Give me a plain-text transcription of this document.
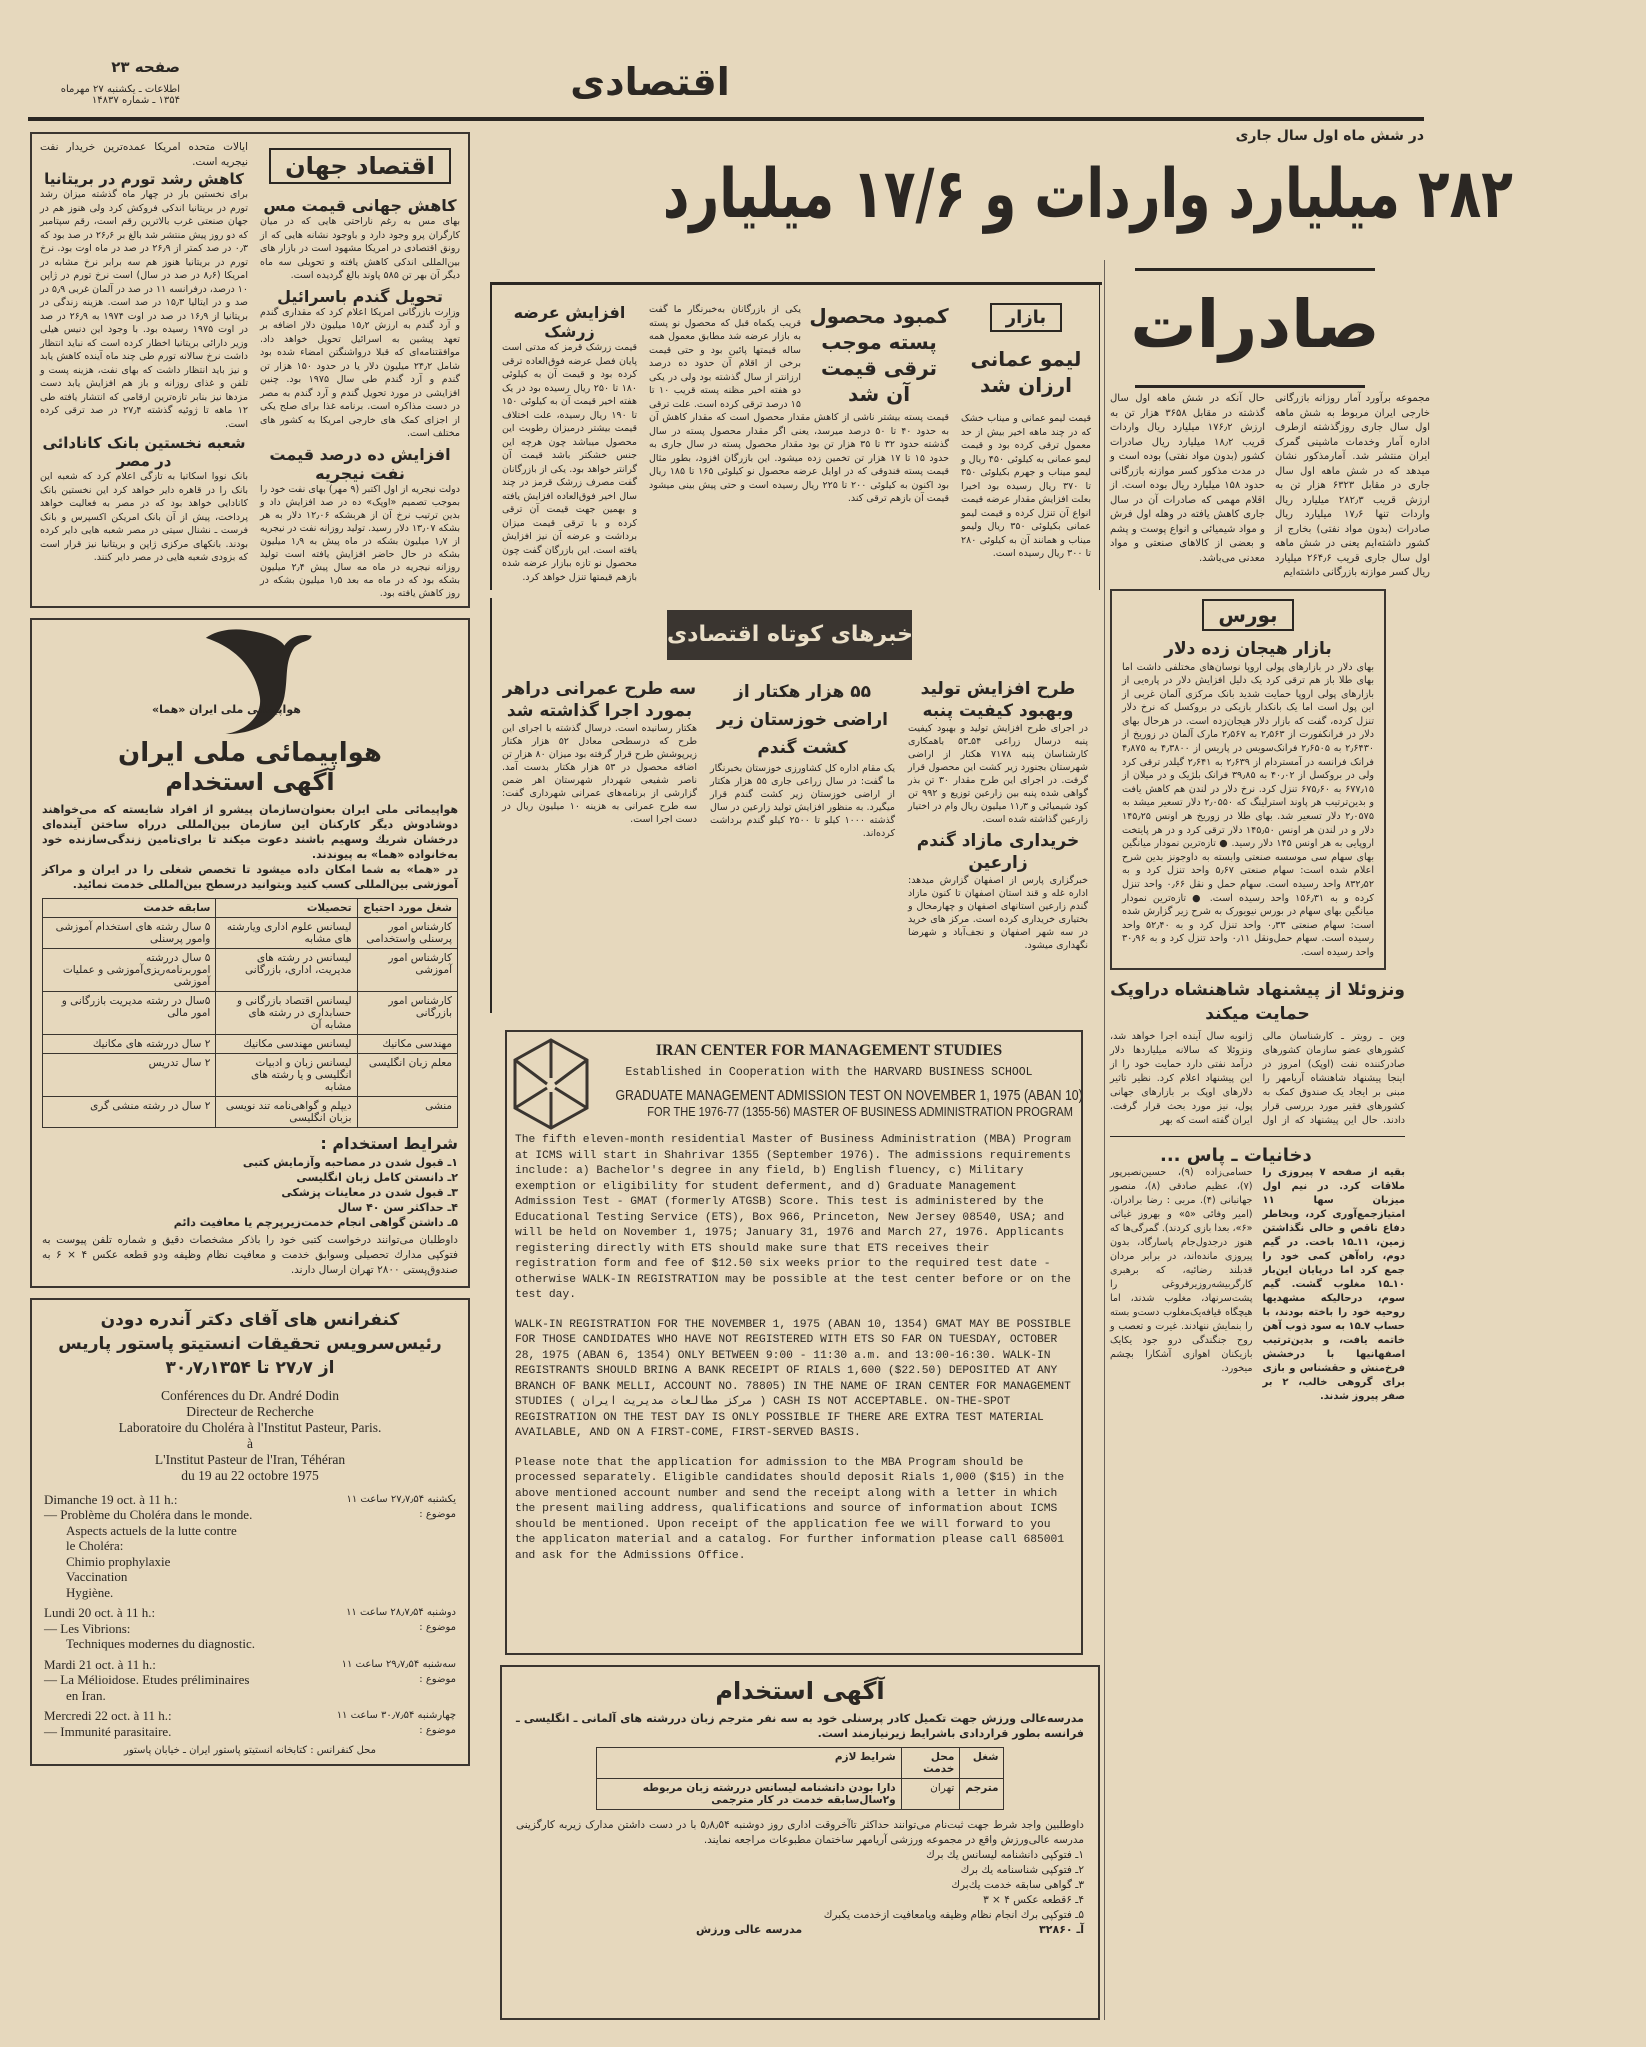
صفحه ۲۳
اطلاعات ـ یکشنبه ۲۷ مهرماه
۱۳۵۴ ـ شماره ۱۴۸۳۷	اقتصادی
اقتصاد جهان
کاهش جهانی قیمت مس
بهای مس به رغم ناراحتی هایی که در میان کارگران پرو وجود دارد و باوجود نشانه هایی که از رونق اقتصادی در امریکا مشهود است در بازار های بین‌المللی اندکی کاهش یافته و تحویلی سه ماه دیگر آن بهر تن ۵۸۵ پاوند بالغ گردیده است.
تحویل گندم باسرائیل
وزارت بازرگانی امریکا اعلام کرد که مقداری گندم و آرد گندم به ارزش ۱۵٫۲ میلیون دلار اضافه بر تعهد پیشین به اسرائیل تحویل خواهد داد. موافقتنامه‌ای که قبلا درواشنگتن امضاء شده بود شامل ۲۴٫۲ میلیون دلار یا در حدود ۱۵۰ هزار تن گندم و آرد گندم طی سال ۱۹۷۵ بود. چنین افزایشی در مورد تحویل گندم و آرد گندم به مصر در دست مذاکره است. برنامه غذا برای صلح یکی از اجزای کمک های خارجی امریکا به کشور های مختلف است.
افزایش ده درصد قیمت نفت نیجریه
دولت نیجریه از اول اکتبر (۹ مهر) بهای نفت خود را بموجب تصمیم «اوپک» ده در صد افزایش داد و بدین ترتیب نرخ آن از هربشکه ۱۲٫۰۶ دلار به هر بشکه ۱۳٫۰۷ دلار رسید. تولید روزانه نفت در نیجریه از ۱٫۷ میلیون بشکه در ماه پیش به ۱٫۹ میلیون بشکه در حال حاضر افزایش یافته است تولید روزانه نیجریه در ماه مه سال پیش ۲٫۴ میلیون بشکه بود که در ماه مه بعد ۱٫۵ میلیون بشکه در روز کاهش یافته بود.
ایالات متحده امریکا عمده‌ترین خریدار نفت نیجریه است.
کاهش رشد تورم در بریتانیا
برای نخستین بار در چهار ماه گذشته میزان رشد تورم در بریتانیا اندکی فروکش کرد ولی هنوز هم در جهان صنعتی غرب بالاترین رقم است، رقم سپتامبر که دو روز پیش منتشر شد بالغ بر ۲۶٫۶ در صد بود که ۰٫۳ در صد کمتر از ۲۶٫۹ در صد در ماه اوت بود. نرخ تورم در بریتانیا هنوز هم سه برابر نرخ مشابه در امریکا (۸٫۶ در صد در سال) است نرخ تورم در ژاپن ۱۰ درصد، درفرانسه ۱۱ در صد در آلمان غربی ۵٫۹ در صد و در ایتالیا ۱۵٫۳ در صد است. هزینه زندگی در بریتانیا از ۱۶٫۹ در صد در اوت ۱۹۷۴ به ۲۶٫۹ در صد در اوت ۱۹۷۵ رسیده بود. با وجود این دنیس هیلی وزیر دارائی بریتانیا اخطار کرده است که نباید انتظار داشت نرخ سالانه تورم طی چند ماه آینده کاهش یابد و نیز باید انتظار داشت که بهای نفت، هزینه پست و تلفن و غذای روزانه و باز هم افزایش یابد دست مزدها نیز بنابر تازه‌ترین ارقامی که انتشار یافته طی ۱۲ ماهه تا ژوئیه گذشته ۲۷٫۴ در صد ترقی کرده است.
شعبه نخستین بانک کانادائی در مصر
بانک نووا اسکاتیا به تازگی اعلام کرد که شعبه این بانک را در قاهره دایر خواهد کرد این نخستین بانک کانادایی خواهد بود که در مصر به فعالیت خواهد پرداخت، پیش از آن بانک امریکن اکسپرس و بانک فرست ـ نشنال سیتی در مصر شعبه هایی دایر کرده بودند. بانکهای مرکزی ژاپن و بریتانیا نیز قرار است که بزودی شعبه هایی در مصر دایر کنند.
هواپیمائی ملی ایران «هما»
هواپیمائی ملی ایران
آگهی استخدام
هواپیمائی ملی ایران بعنوان‌سازمان پیشرو از افراد شایسته که می‌خواهند دوشادوش دیگر کارکنان این سازمان بین‌المللی درراه ساختن آینده‌ای درخشان شریك وسهیم باشند دعوت میکند تا برای‌تامین زندگی‌سازنده خود به‌خانواده «هما» به پیوندند.
در «هما» به شما امکان داده میشود تا تخصص شغلی را در ایران و مراکز آموزشی بین‌المللی کسب کنید وبتوانید درسطح بین‌المللی خدمت نمائید.
شغل مورد احتیاج	تحصیلات	سابقه خدمت
کارشناس امور پرسنلی واستخدامی	لیسانس علوم اداری ویارشته های مشابه	۵ سال رشته های استخدام آموزشی وامور پرسنلی
کارشناس امور آموزشی	لیسانس در رشته های مدیریت، اداری، بازرگانی	۵ سال دررشته اموربرنامه‌ریزی‌آموزشی و عملیات آموزشی
کارشناس امور بازرگانی	لیسانس اقتصاد بازرگانی و حسابداری در رشته های مشابه آن	۵سال در رشته مدیریت بازرگانی و امور مالی
مهندسی مکانیك	لیسانس مهندسی مکانیك	۲ سال دررشته های مکانیك
معلم زبان انگلیسی	لیسانس زبان و ادبیات انگلیسی و یا رشته های مشابه	۲ سال تدریس
منشی	دیپلم و گواهی‌نامه تند نویسی بزبان انگلیسی	۲ سال در رشته منشی گری
شرایط استخدام :
۱ـ قبول شدن در مصاحبه وآزمایش کتبی
۲ـ دانستن کامل زبان انگلیسی
۳ـ قبول شدن در معاینات پزشکی
۴ـ حداکثر سن ۴۰ سال
۵ـ داشتن گواهی انجام خدمت‌زیر‌پرچم یا معافیت دائم
داوطلبان می‌توانند درخواست کتبی خود را باذکر مشخصات دقیق و شماره تلفن پیوست به فتوکپی مدارك تحصیلی وسوابق خدمت و معافیت نظام وظیفه ودو قطعه عکس ۴ × ۶ به صندوق‌پستی ۲۸۰۰ تهران ارسال دارند.
کنفرانس های آقای دکتر آندره دودن
رئیس‌سرویس تحقیقات انستیتو پاستور پاریس
از ۲۷٫۷ تا ۳۰٫۷٫۱۳۵۴
Conférences du Dr. André Dodin
Directeur de Recherche
Laboratoire du Choléra à l'Institut Pasteur, Paris.
à
L'Institut Pasteur de l'Iran, Téhéran
du 19 au 22 octobre 1975
Dimanche 19 oct. à 11 h.:
— Problème du Choléra dans le monde.
Aspects actuels de la lutte contre
le Choléra:
Chimio prophylaxie
Vaccination
Hygiène.
یکشنبه ۲۷٫۷٫۵۴ ساعت ۱۱
موضوع :
Lundi 20 oct. à 11 h.:
— Les Vibrions:
Techniques modernes du diagnostic.
دوشنبه ۲۸٫۷٫۵۴ ساعت ۱۱
موضوع :
Mardi 21 oct. à 11 h.:
— La Mélioidose. Etudes préliminaires
en Iran.
سه‌شنبه ۲۹٫۷٫۵۴ ساعت ۱۱
موضوع :
Mercredi 22 oct. à 11 h.:
— Immunité parasitaire.
چهارشنبه ۳۰٫۷٫۵۴ ساعت ۱۱
موضوع :
محل کنفرانس : کتابخانه انستیتو پاستور ایران ـ خیابان پاستور
در شش ماه اول سال جاری
۲۸۲ میلیارد واردات و ۱۷/۶ میلیارد
صادرات
مجموعه برآورد آمار روزانه بازرگانی خارجی ایران مربوط به شش ماهه اول سال جاری روزگذشته ازطرف اداره آمار وخدمات ماشینی گمرک ایران منتشر شد. آمارمذکور نشان میدهد که در شش ماهه اول سال جاری در مقابل ۶۳۲۳ هزار تن به ارزش قریب ۲۸۲٫۳ میلیارد ریال واردات تنها ۱۷٫۶ میلیارد ریال صادرات (بدون مواد نفتی) بخارج از کشور داشته‌ایم یعنی در شش ماهه اول سال جاری قریب ۲۶۴٫۶ میلیارد ریال کسر موازنه بازرگانی داشته‌ایم
حال آنکه در شش ماهه اول سال گذشته در مقابل ۳۶۵۸ هزار تن به ارزش ۱۷۶٫۲ میلیارد ریال واردات قریب ۱۸٫۲ میلیارد ریال صادرات کشور (بدون مواد نفتی) بوده است و در مدت مذکور کسر موازنه بازرگانی حدود ۱۵۸ میلیارد ریال بوده است. از اقلام مهمی که صادرات آن در سال جاری کاهش یافته در وهله اول فرش و مواد شیمیائی و انواع پوست و پشم و بعضی از کالاهای صنعتی و مواد معدنی می‌باشد.
بورس
بازار هیجان زده دلار
بهای دلار در بازارهای پولی اروپا نوسان‌های مختلفی داشت اما بهای طلا باز هم ترقی کرد یک دلیل افزایش دلار در پاره‌یی از بازارهای پولی اروپا حمایت شدید بانک مرکزی آلمان غربی از این پول است اما یک بانکدار بازیکی در بروکسل که نرخ دلار تنزل کرده، گفت که بازار دلار هیجان‌زده است. در هرحال بهای دلار در فرانکفورت از ۲٫۵۶۳ به ۲٫۵۶۷ مارک آلمان در زوریخ از ۲٫۶۴۳۰ به ۲٫۶۵۰۵ فرانک‌سویس در پاریس از ۴٫۳۸۰۰ به ۴٫۸۷۵ فرانک فرانسه در آمستردام از ۲٫۶۳۹ به ۲٫۶۴۱ گیلدر ترقی کرد ولی در بروکسل از ۴۰٫۰۲ به ۳۹٫۸۵ فرانک بلژیک و در میلان از ۶۷۷٫۱۵ به ۶۷۵٫۶۰ تنزل کرد. نرخ دلار در لندن هم کاهش یافت و بدین‌ترتیب هر پاوند استرلینگ که ۲٫۰۵۵۰ دلار تسعیر میشد به ۲٫۰۵۷۵ دلار تسعیر شد. بهای طلا در زوریخ هر اونس ۱۴۵٫۲۵ دلار و در لندن هر اونس ۱۴۵٫۵۰ دلار ترقی کرد و در هر پایتخت اروپایی به هر اونس ۱۴۵ دلار رسید. ● تازه‌ترین نمودار میانگین بهای سهام سی موسسه صنعتی وابسته به داوجونز بدین شرح اعلام شده است: سهام صنعتی ۵٫۶۷ واحد تنزل کرد و به ۸۳۲٫۵۲ واحد رسیده است. سهام حمل و نقل ۰٫۶۶ واحد تنزل کرده و به ۱۵۶٫۳۱ واحد رسیده است. ● تازه‌ترین نمودار میانگین بهای سهام در بورس نیویورک به شرح زیر گزارش شده است: سهام صنعتی ۰٫۳۳ واحد تنزل کرد و به ۵۲٫۴۰ واحد رسیده است. سهام حمل‌ونقل ۰٫۱۱ واحد تنزل کرد و به ۳۰٫۹۶ واحد رسیده است.
ونزوئلا از پیشنهاد شاهنشاه دراوپک حمایت میکند
وین ـ رویتر ـ کارشناسان مالی کشورهای عضو سازمان کشورهای صادرکننده نفت (اوپک) امروز در اینجا پیشنهاد شاهنشاه آریامهر را مبنی بر ایجاد یک صندوق کمک به کشورهای فقیر مورد بررسی قرار دادند. حال این پیشنهاد که از اول ژانویه سال آینده اجرا خواهد شد، ونزوئلا که سالانه میلیاردها دلار درآمد نفتی دارد حمایت خود را از این پیشنهاد اعلام کرد. نظیر تاثیر دلارهای اوپک بر بازارهای جهانی پول، نیز مورد بحث قرار گرفت. ایران گفته است که بهر
دخانیات ـ پاس ...
بقیه از صفحه ۷ پیروزی را ملاقات کرد. در نیم اول میزبان سها ۱۱ امتیازجمع‌آوری کرد، وبخاطر دفاع ناقص و خالی نگذاشتن زمین، ۱۱ـ۱۵ باخت. در گیم دوم، راه‌آهن کمی خود را جمع کرد اما درپایان این‌بار ۱۰ـ۱۵ مغلوب گشت. گیم سوم، درحالیکه مشهدیها روحیه خود را باخته بودند، با حساب ۷ـ۱۵ به سود ذوب آهن خاتمه یافت، و بدین‌ترتیب اصفهانیها با درخشش فرخ‌منش و حقشناس و بازی برای گروهی خالب، ۲ بر صفر پیروز شدند.
حسامی‌زاده (۹)، حسین‌نصیرپور (۷)، عظیم صادقی (۸)، منصور جهانبانی (۴). مربی : رضا برادران. (امیر وفائی «۵» و بهروز غیاثی «۶»، بعدا بازی کردند). گمرگی‌ها که هنوز درجدول‌جام پاسارگاد، بدون پیروزی مانده‌اند، در برابر مردان قدبلند رضائیه، که برهبری کارگربیشه‌روزیرفروغی را پشت‌سرنهاد، مغلوب شدند، اما هیچگاه قیافه‌یک‌مغلوب دست‌و بسته را بنمایش ننهادند. غیرت و تعصب و روح جنگندگی درو جود یکایک بازیکنان اهوازی آشکارا بچشم میخورد.
بازار
لیمو عمانی ارزان شد
قیمت لیمو عمانی و میناب خشک که در چند ماهه اخیر بیش از حد معمول ترقی کرده بود و قیمت لیمو عمانی به کیلوئی ۴۵۰ ریال و لیمو میناب و جهرم بکیلوئی ۳۵۰ تا ۳۷۰ ریال رسیده بود اخیرا بعلت افزایش مقدار عرضه قیمت انواع آن تنزل کرده و قیمت لیمو عمانی بکیلوئی ۳۵۰ ریال ولیمو میناب و همانند آن به کیلوئی ۲۸۰ تا ۳۰۰ ریال رسیده است.
کمبود محصول پسته موجب ترقی قیمت آن شد
یکی از بازرگانان به‌خبرنگار ما گفت قریب یکماه قبل که محصول نو پسته به بازار عرضه شد مطابق معمول همه ساله قیمتها پائین بود و حتی قیمت برخی از اقلام آن حدود ده درصد ارزانتر از سال گذشته بود ولی در یکی دو هفته اخیر مظنه پسته قریب ۱۰ تا ۱۵ درصد ترقی کرده است. علت ترقی قیمت پسته بیشتر ناشی از کاهش مقدار محصول است که مقدار کاهش آن به حدود ۴۰ تا ۵۰ درصد میرسد، یعنی اگر مقدار محصول پسته در سال گذشته حدود ۳۲ تا ۳۵ هزار تن بود مقدار محصول پسته در سال جاری به حدود ۱۵ تا ۱۷ هزار تن تخمین زده میشود. این بازرگان افزود، بطور مثال قیمت پسته فندوقی که در اوایل عرضه محصول نو کیلوئی ۱۶۵ تا ۱۸۵ ریال بود اکنون به کیلوئی ۲۰۰ تا ۲۲۵ ریال رسیده است و حتی پیش بینی میشود قیمت آن بازهم ترقی کند.
افزایش عرضه زرشک
قیمت زرشک قرمز که مدتی است پایان فصل عرضه فوق‌العاده ترقی کرده بود و قیمت آن به کیلوئی ۱۸۰ تا ۲۵۰ ریال رسیده بود در یک هفته اخیر قیمت آن به کیلوئی ۱۵۰ تا ۱۹۰ ریال رسیده، علت اختلاف قیمت بیشتر درمیزان رطوبت این محصول میباشد چون هرچه این جنس خشکتر باشد قیمت آن گرانتر خواهد بود. یکی از بازرگانان گفت مصرف زرشک قرمز در چند سال اخیر فوق‌العاده افزایش یافته و بهمین جهت قیمت آن ترقی کرده و با ترقی قیمت میزان برداشت و عرضه آن نیز افزایش یافته است. این بازرگان گفت چون محصول نو تازه ببازار عرضه شده بازهم قیمتها تنزل خواهد کرد.
خبرهای کوتاه اقتصادی
طرح افزایش تولید وبهبود کیفیت پنبه
در اجرای طرح افزایش تولید و بهبود کیفیت پنبه درسال زراعی ۵۴ـ۵۳ باهمکاری کارشناسان پنبه ۷۱۷۸ هکتار از اراضی شهرستان بجنورد زیر کشت این محصول قرار گرفت. در اجرای این طرح مقدار ۳۰ تن بذر گواهی شده پنبه بین زارعین توزیع و ۹۹۲ تن کود شیمیائی و ۱۱٫۳ میلیون ریال وام در اختیار زارعین گذاشته شده است.
خریداری مازاد گندم زارعین
خبرگزاری پارس از اصفهان گزارش میدهد: اداره غله و قند استان اصفهان تا کنون مازاد گندم زارعین استانهای اصفهان و چهارمحال و بختیاری خریداری کرده است. مرکز های خرید در سه شهر اصفهان و نجف‌آباد و شهرضا نگهداری میشود.
۵۵ هزار هکتار از اراضی خوزستان زیر کشت گندم
یک مقام اداره کل کشاورزی خوزستان بخبرنگار ما گفت: در سال زراعی جاری ۵۵ هزار هکتار از اراضی خوزستان زیر کشت گندم قرار میگیرد. به منظور افزایش تولید زارعین در سال گذشته ۱۰۰۰ کیلو تا ۲۵۰۰ کیلو گندم برداشت کرده‌اند.
سه طرح عمرانی دراهر بمورد اجرا گذاشته شد
هکتار رسانیده است. درسال گذشته با اجرای این طرح که درسطحی معادل ۵۲ هزار هکتار زیرپوشش طرح قرار گرفته بود میزان ۸۰ هزار تن اضافه محصول در ۵۳ هزار هکتار بدست آمد. ناصر شفیعی شهردار شهرستان اهر ضمن گزارشی از برنامه‌های عمرانی شهرداری گفت: سه طرح عمرانی به هزینه ۱۰ میلیون ریال در دست اجرا است.
IRAN CENTER FOR MANAGEMENT STUDIES
Established in Cooperation with the HARVARD BUSINESS SCHOOL
GRADUATE MANAGEMENT ADMISSION TEST ON NOVEMBER 1, 1975 (ABAN 10)
FOR THE 1976-77 (1355-56) MASTER OF BUSINESS ADMINISTRATION PROGRAM

The fifth eleven-month residential Master of Business Administration (MBA) Program at ICMS will start in Shahrivar 1355 (September 1976). The admissions requirements include: a) Bachelor's degree in any field, b) English fluency, c) Military exemption or eligibility for student deferment, and d) Graduate Management Admission Test - GMAT (formerly ATGSB) Score. This test is administered by the Educational Testing Service (ETS), Box 966, Princeton, New Jersey 08540, USA; and will be held on November 1, 1975; January 31, 1976 and March 27, 1976. Applicants registering directly with ETS should make sure that ETS receives their registration form and fee of $12.50 six weeks prior to the required test date - otherwise WALK-IN REGISTRATION may be possible at the test center before or on the test day.

WALK-IN REGISTRATION FOR THE NOVEMBER 1, 1975 (ABAN 10, 1354) GMAT MAY BE POSSIBLE FOR THOSE CANDIDATES WHO HAVE NOT REGISTERED WITH ETS SO FAR ON TUESDAY, OCTOBER 28, 1975 (ABAN 6, 1354) ONLY BETWEEN 9:00 - 11:30 a.m. and 13:00-16:30. WALK-IN REGISTRANTS SHOULD BRING A BANK RECEIPT OF RIALS 1,600 ($22.50) DEPOSITED AT ANY BRANCH OF BANK MELLI, ACCOUNT NO. 78805) IN THE NAME OF IRAN CENTER FOR MANAGEMENT STUDIES ( مرکز مطالعات مدیریت ایران ) CASH IS NOT ACCEPTABLE. ON-THE-SPOT REGISTRATION ON THE TEST DAY IS ONLY POSSIBLE IF THERE ARE EXTRA TEST MATERIAL AVAILABLE, AND ON A FIRST-COME, FIRST-SERVED BASIS.

Please note that the application for admission to the MBA Program should be processed separately. Eligible candidates should deposit Rials 1,000 ($15) in the above mentioned account number and send the receipt along with a letter in which the present mailing address, qualifications and source of information about ICMS should be mentioned. Upon receipt of the application fee we will forward to you the applicaton material and a catalog. For further information please call 685001 and ask for the Admissions Office.

آگهی استخدام
مدرسه‌عالی ورزش جهت تکمیل کادر پرسنلی خود به سه نفر مترجم زبان دررشته های آلمانی ـ انگلیسی ـ فرانسه بطور قراردادی باشرایط زیرنیازمند است.
شغل	محل خدمت	شرایط لازم
مترجم	تهران	دارا بودن دانشنامه لیسانس دررشته زبان مربوطه و۲سال‌سابقه خدمت در کار مترجمی
داوطلبین واجد شرط جهت ثبت‌نام می‌توانند حداکثر تاآخروقت اداری روز دوشنبه ۵٫۸٫۵۴ با در دست داشتن مدارک زیربه کارگزینی مدرسه عالی‌ورزش واقع در مجموعه ورزشی آریامهر ساختمان مطبوعات مراجعه نمایند.
۱ـ فتوکپی دانشنامه لیسانس یك برك
۲ـ فتوکپی شناسنامه یك برك
۳ـ گواهی سابقه خدمت یك‌برك
۴ـ ۶قطعه عکس ۴ × ۳
۵ـ فتوکپی برك انجام نظام وظیفه ویامعافیت ازخدمت یکبرك
آـ ۳۲۸۶۰
مدرسه عالی ورزش
